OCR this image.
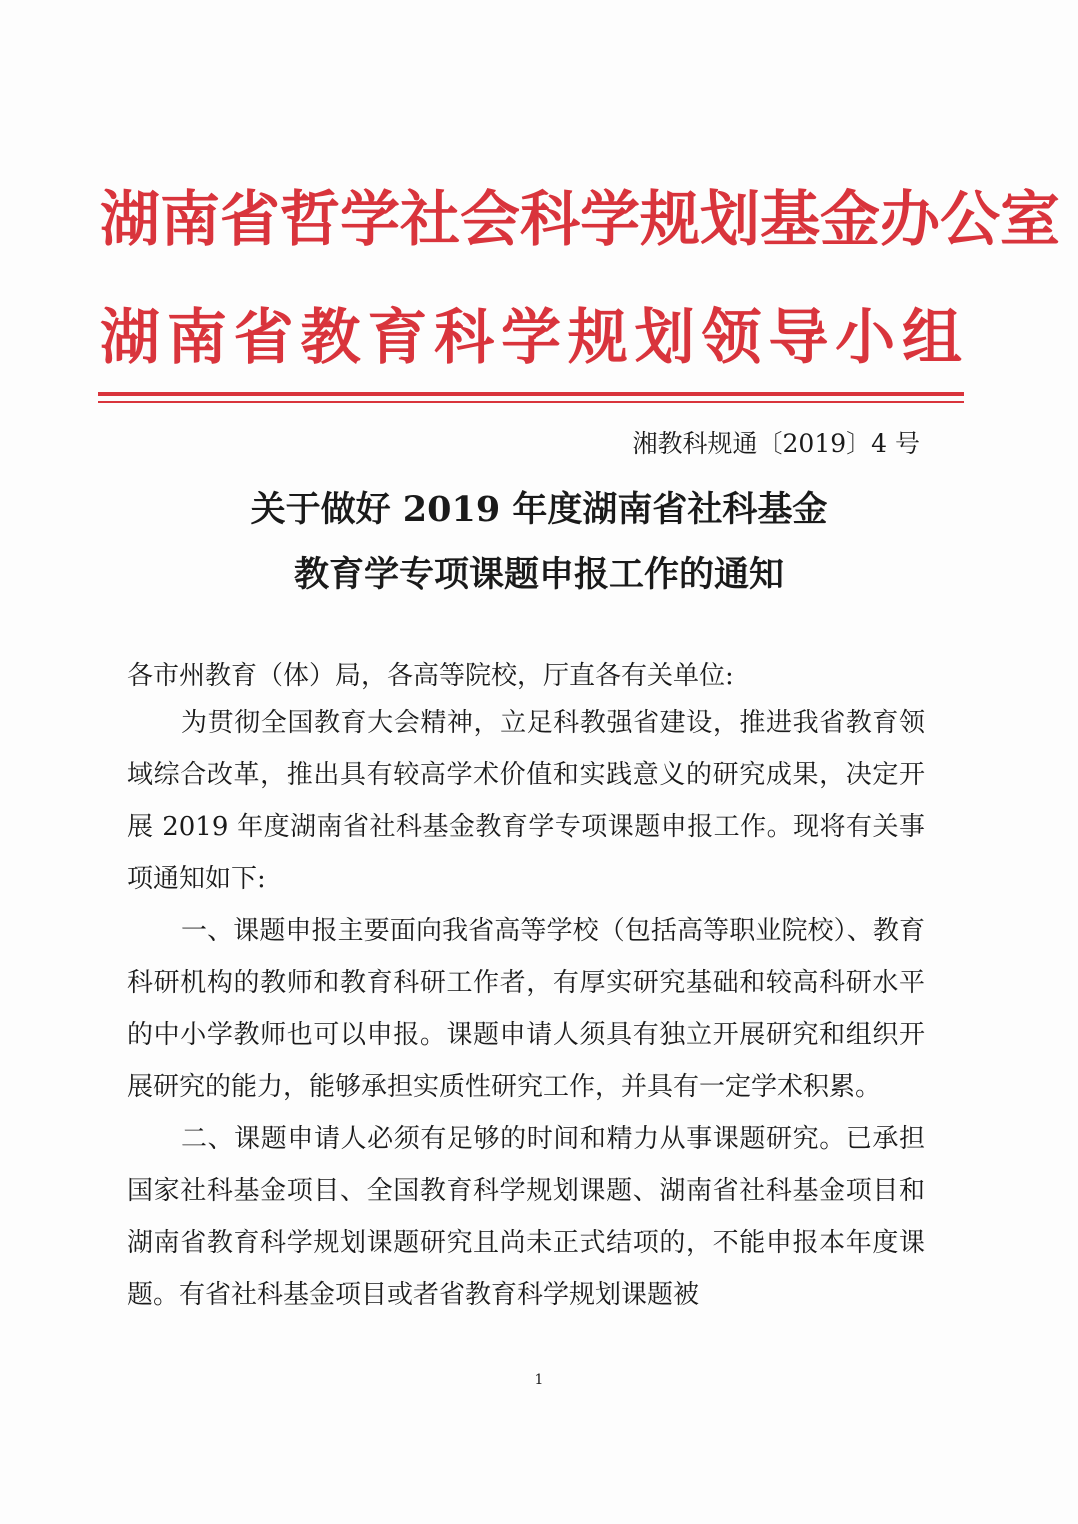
湖南省哲学社会科学规划基金办公室
湖南省教育科学规划领导小组
湘教科规通〔2019〕4 号
关于做好 2019 年度湖南省社科基金
教育学专项课题申报工作的通知
各市州教育（体）局，各高等院校，厅直各有关单位:

为贯彻全国教育大会精神，立足科教强省建设，推进我省教育领域综合改革，推出具有较高学术价值和实践意义的研究成果，决定开展 2019 年度湖南省社科基金教育学专项课题申报工作。现将有关事项通知如下:

一、课题申报主要面向我省高等学校（包括高等职业院校）、教育科研机构的教师和教育科研工作者，有厚实研究基础和较高科研水平的中小学教师也可以申报。课题申请人须具有独立开展研究和组织开展研究的能力，能够承担实质性研究工作，并具有一定学术积累。

二、课题申请人必须有足够的时间和精力从事课题研究。已承担国家社科基金项目、全国教育科学规划课题、湖南省社科基金项目和湖南省教育科学规划课题研究且尚未正式结项的，不能申报本年度课题。有省社科基金项目或者省教育科学规划课题被

1
